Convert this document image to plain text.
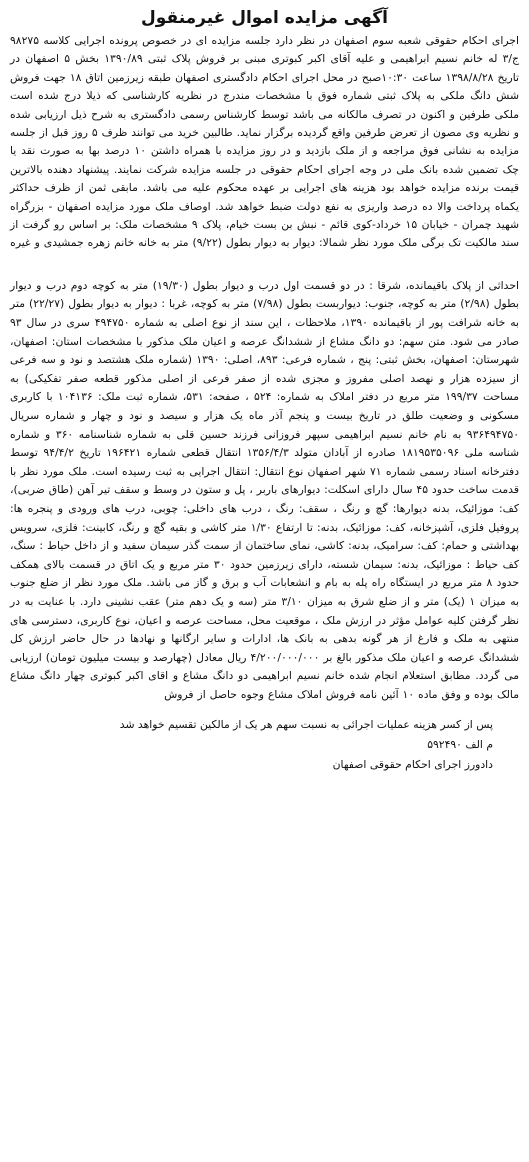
آگهی مزایده اموال غیرمنقول

اجرای احکام حقوقی شعبه سوم اصفهان در نظر دارد جلسه مزایده ای در خصوص پرونده اجرایی کلاسه ۹۸۲۷۵ ج/۳ له خانم نسیم ابراهیمی و علیه آقای اکبر کبوتری مبنی بر فروش پلاک ثبتی ۱۳۹۰/۸۹ بخش ۵ اصفهان در تاریخ ۱۳۹۸/۸/۲۸ ساعت ۱۰:۳۰صبح در محل اجرای احکام دادگستری اصفهان طبقه زیرزمین اتاق ۱۸ جهت فروش شش دانگ ملکی به پلاک ثبتی شماره فوق با مشخصات مندرج در نظریه کارشناسی که ذیلا درج شده است ملکی طرفین و اکنون در تصرف مالکانه می باشد توسط کارشناس رسمی دادگستری به شرح ذیل ارزیابی شده و نظریه وی مصون از تعرض طرفین واقع گردیده برگزار نماید. طالبین خرید می توانند ظرف ۵ روز قبل از جلسه مزایده به نشانی فوق مراجعه و از ملک بازدید و در روز مزایده با همراه داشتن ۱۰ درصد بها به صورت نقد یا چک تضمین شده بانک ملی در وجه اجرای احکام حقوقی در جلسه مزایده شرکت نمایند. پیشنهاد دهنده بالاترین قیمت برنده مزایده خواهد بود هزینه های اجرایی بر عهده محکوم علیه می باشد. مابقی ثمن از ظرف حداکثر یکماه پرداخت والا ده درصد واریزی به نفع دولت ضبط خواهد شد. اوصاف ملک مورد مزایده اصفهان - بزرگراه شهید چمران - خیابان ۱۵ خرداد-کوی قائم - نبش بن بست خیام، پلاک ۹ مشخصات ملک: بر اساس رو گرفت از سند مالکیت تک برگی ملک مورد نظر شمالا: دیوار به دیوار بطول (۹/۲۲) متر به خانه خانم زهره جمشیدی و غیره

احداثی از پلاک باقیمانده، شرقا : در دو قسمت اول درب و دیوار بطول (۱۹/۳۰) متر به کوچه دوم درب و دیوار بطول (۲/۹۸) متر به کوچه، جنوب: دیواربست بطول (۷/۹۸) متر به کوچه، غربا : دیوار به دیوار بطول (۲۲/۲۷) متر به خانه شرافت پور از باقیمانده ۱۳۹۰، ملاحظات ، این سند از نوع اصلی به شماره ۴۹۴۷۵۰ سری در سال ۹۳ صادر می شود. متن سهم: دو دانگ مشاع از ششدانگ عرصه و اعیان ملک مذکور با مشخصات استان: اصفهان، شهرستان: اصفهان، بخش ثبتی: پنج ، شماره فرعی: ۸۹۳، اصلی: ۱۳۹۰ (شماره ملک هشتصد و نود و سه فرعی از سیزده هزار و نهصد اصلی مفروز و مجزی شده از صفر فرعی از اصلی مذکور قطعه صفر تفکیکی) به مساحت ۱۹۹/۳۷ متر مربع در دفتر املاک به شماره: ۵۲۴ ، صفحه: ۵۳۱، شماره ثبت ملک: ۱۰۴۱۳۶ با کاربری مسکونی و وضعیت طلق در تاریخ بیست و پنجم آذر ماه یک هزار و سیصد و نود و چهار و شماره سریال ۹۳۶۴۹۴۷۵۰ به نام خانم نسیم ابراهیمی سپهر فروزانی فرزند حسین قلی به شماره شناسنامه ۳۶۰ و شماره شناسه ملی ۱۸۱۹۵۳۵۰۹۶ صادره از آبادان متولد ۱۳۵۶/۴/۳ انتقال قطعی شماره ۱۹۶۴۲۱ تاریخ ۹۴/۴/۲ توسط دفترخانه اسناد رسمی شماره ۷۱ شهر اصفهان نوع انتقال: انتقال اجرایی به ثبت رسیده است. ملک مورد نظر با قدمت ساخت حدود ۴۵ سال دارای اسکلت: دیوارهای باربر ، پل و ستون در وسط و سقف تیر آهن (طاق ضربی)، کف: موزائیک، بدنه دیوارها: گچ و رنگ ، سقف: رنگ ، درب های داخلی: چوبی، درب های ورودی و پنجره ها: پروفیل فلزی، آشپزخانه، کف: موزائیک، بدنه: تا ارتفاع ۱/۳۰ متر کاشی و بقیه گچ و رنگ، کابینت: فلزی، سرویس بهداشتی و حمام: کف: سرامیک، بدنه: کاشی، نمای ساختمان از سمت گذر سیمان سفید و از داخل حیاط : سنگ، کف حیاط : موزائیک، بدنه: سیمان شسته، دارای زیرزمین حدود ۳۰ متر مربع و یک اتاق در قسمت بالای همکف حدود ۸ متر مربع در ایستگاه راه پله به بام و انشعابات آب و برق و گاز می باشد. ملک مورد نظر از ضلع جنوب به میزان ۱ (یک) متر و از ضلع شرق به میزان ۳/۱۰ متر (سه و یک دهم متر) عقب نشینی دارد. با عنایت به در نظر گرفتن کلیه عوامل مؤثر در ارزش ملک ، موقعیت محل، مساحت عرصه و اعیان، نوع کاربری، دسترسی های منتهی به ملک و فارغ از هر گونه بدهی به بانک ها، ادارات و سایر ارگانها و نهادها در حال حاضر ارزش کل ششدانگ عرصه و اعیان ملک مذکور بالغ بر ۴/۲۰۰/۰۰۰/۰۰۰ ریال معادل (چهارصد و بیست میلیون تومان) ارزیابی می گردد. مطابق استعلام انجام شده خانم نسیم ابراهیمی دو دانگ مشاع و اقای اکبر کبوتری چهار دانگ مشاع مالک بوده و وفق ماده ۱۰ آئین نامه فروش املاک مشاع وجوه حاصل از فروش

پس از کسر هزینه عملیات اجرائی به نسبت سهم هر یک از مالکین تقسیم خواهد شد
م الف ۵۹۲۴۹۰
دادورز اجرای احکام حقوقی اصفهان
